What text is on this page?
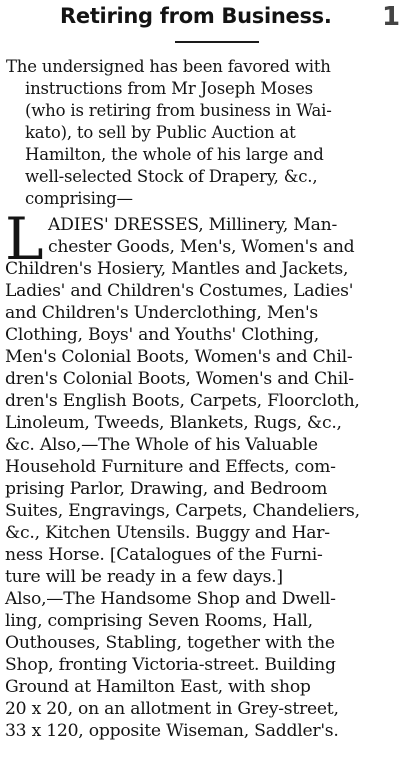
Retiring from Business.	1
The undersigned has been favored with
instructions from Mr Joseph Moses
(who is retiring from business in Wai-
kato), to sell by Public Auction at
Hamilton, the whole of his large and
well-selected Stock of Drapery, &c.,
comprising—
L ADIES' DRESSES, Millinery, Man-
chester Goods, Men's, Women's and
Children's Hosiery, Mantles and Jackets,
Ladies' and Children's Costumes, Ladies'
and Children's Underclothing, Men's
Clothing, Boys' and Youths' Clothing,
Men's Colonial Boots, Women's and Chil-
dren's Colonial Boots, Women's and Chil-
dren's English Boots, Carpets, Floorcloth,
Linoleum, Tweeds, Blankets, Rugs, &c.,
&c. Also,—The Whole of his Valuable
Household Furniture and Effects, com-
prising Parlor, Drawing, and Bedroom
Suites, Engravings, Carpets, Chandeliers,
&c., Kitchen Utensils. Buggy and Har-
ness Horse. [Catalogues of the Furni-
ture will be ready in a few days.]
Also,—The Handsome Shop and Dwell-
ling, comprising Seven Rooms, Hall,
Outhouses, Stabling, together with the
Shop, fronting Victoria-street. Building
Ground at Hamilton East, with shop
20 x 20, on an allotment in Grey-street,
33 x 120, opposite Wiseman, Saddler's.
